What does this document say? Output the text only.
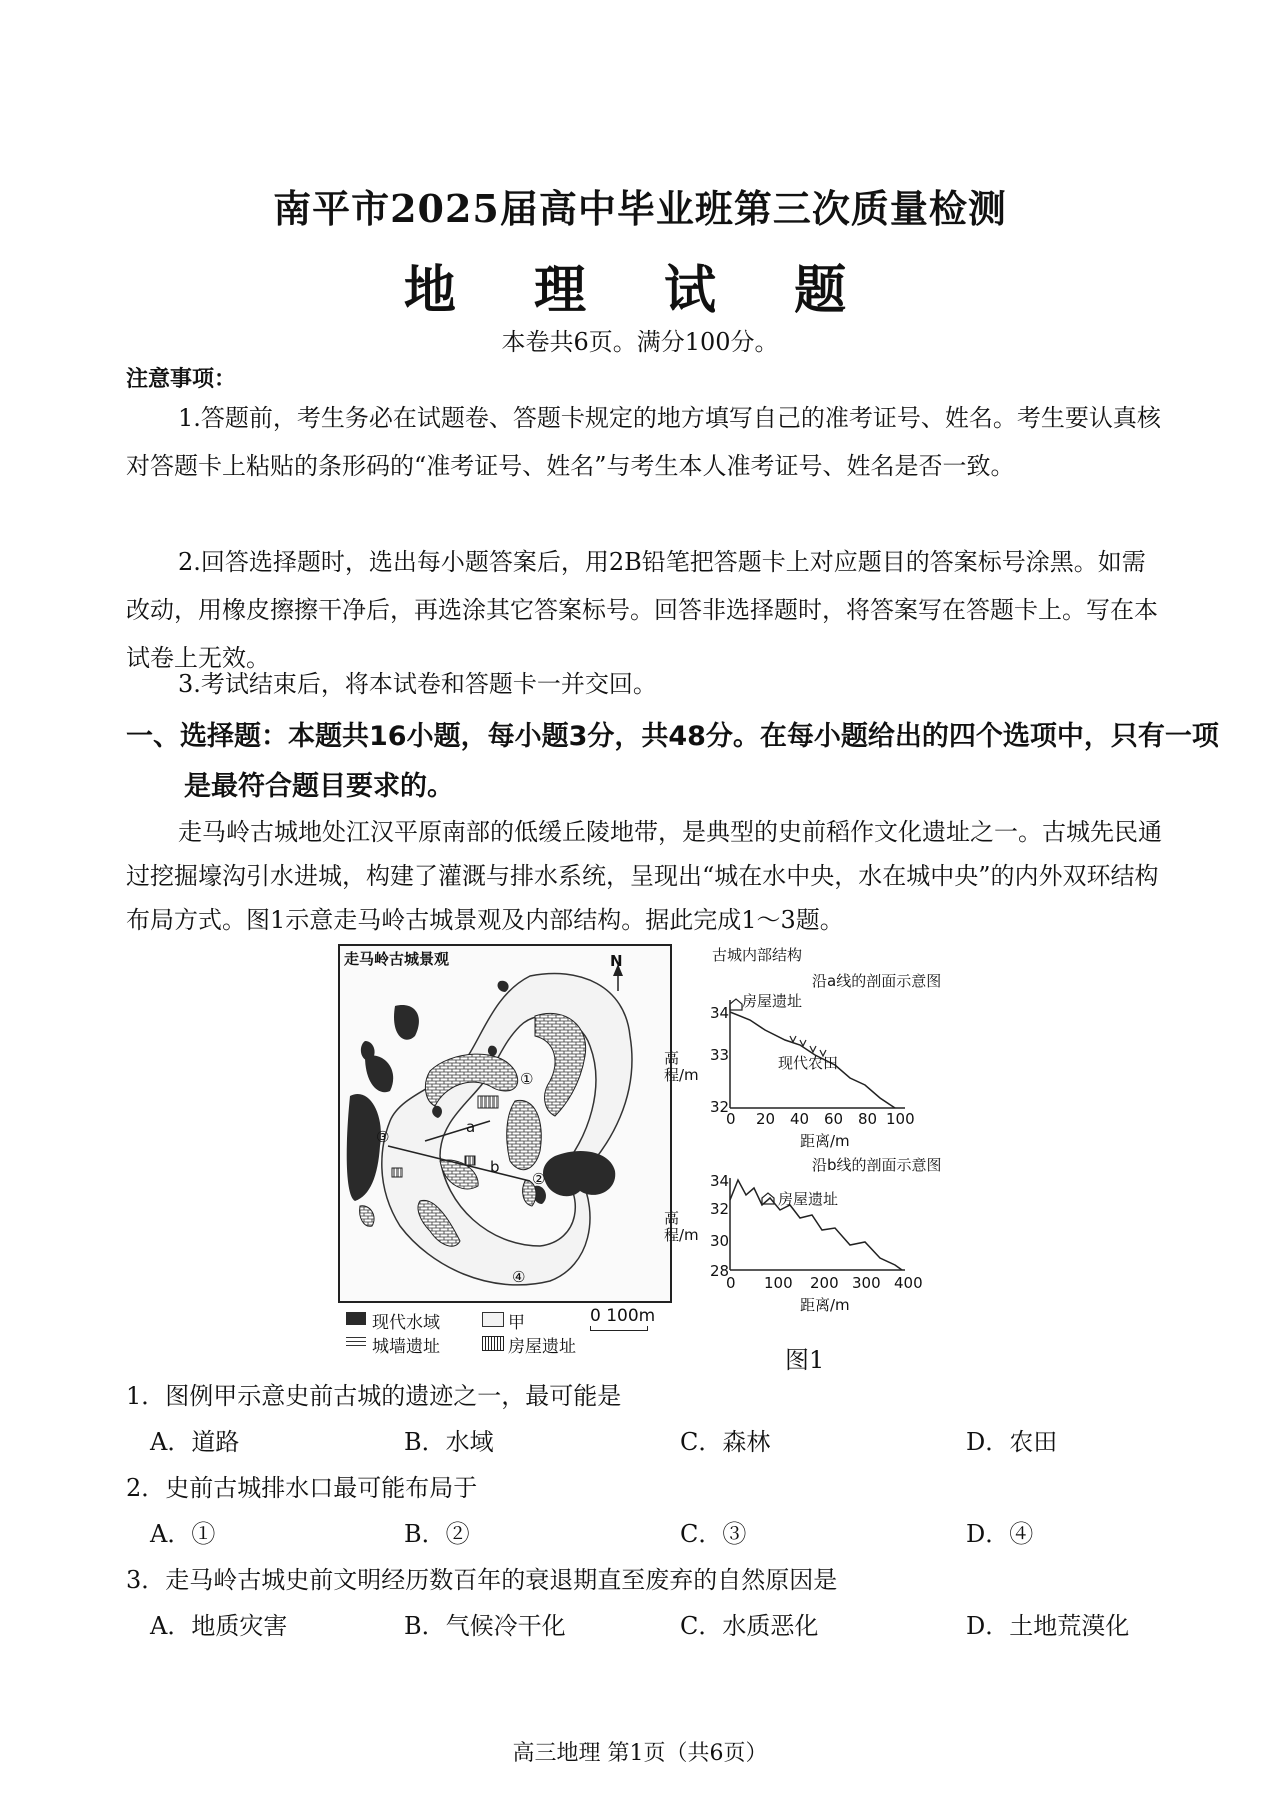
南平市2025届高中毕业班第三次质量检测
地 理 试 题
本卷共6页。满分100分。
注意事项：
1.答题前，考生务必在试题卷、答题卡规定的地方填写自己的准考证号、姓名。考生要认真核对答题卡上粘贴的条形码的“准考证号、姓名”与考生本人准考证号、姓名是否一致。
2.回答选择题时，选出每小题答案后，用2B铅笔把答题卡上对应题目的答案标号涂黑。如需改动，用橡皮擦擦干净后，再选涂其它答案标号。回答非选择题时，将答案写在答题卡上。写在本试卷上无效。
3.考试结束后，将本试卷和答题卡一并交回。
一、选择题：本题共16小题，每小题3分，共48分。在每小题给出的四个选项中，只有一项是最符合题目要求的。
走马岭古城地处江汉平原南部的低缓丘陵地带，是典型的史前稻作文化遗址之一。古城先民通过挖掘壕沟引水进城，构建了灌溉与排水系统，呈现出“城在水中央，水在城中央”的内外双环结构布局方式。图1示意走马岭古城景观及内部结构。据此完成1～3题。
走马岭古城景观	N
①
②
③
④
a
b
现代水域	甲	0 100m
城墙遗址	房屋遗址
古城内部结构
沿a线的剖面示意图
高程/m
34
33
32
0 20 40 60 80 100
距离/m
房屋遗址
现代农田
沿b线的剖面示意图
高程/m
34
32
30
28
0 100 200 300 400
距离/m
房屋遗址
图1
1．图例甲示意史前古城的遗迹之一，最可能是
A．道路	B．水域	C．森林	D．农田
2．史前古城排水口最可能布局于
A．①	B．②	C．③	D．④
3．走马岭古城史前文明经历数百年的衰退期直至废弃的自然原因是
A．地质灾害	B．气候冷干化	C．水质恶化	D．土地荒漠化
高三地理 第1页（共6页）
